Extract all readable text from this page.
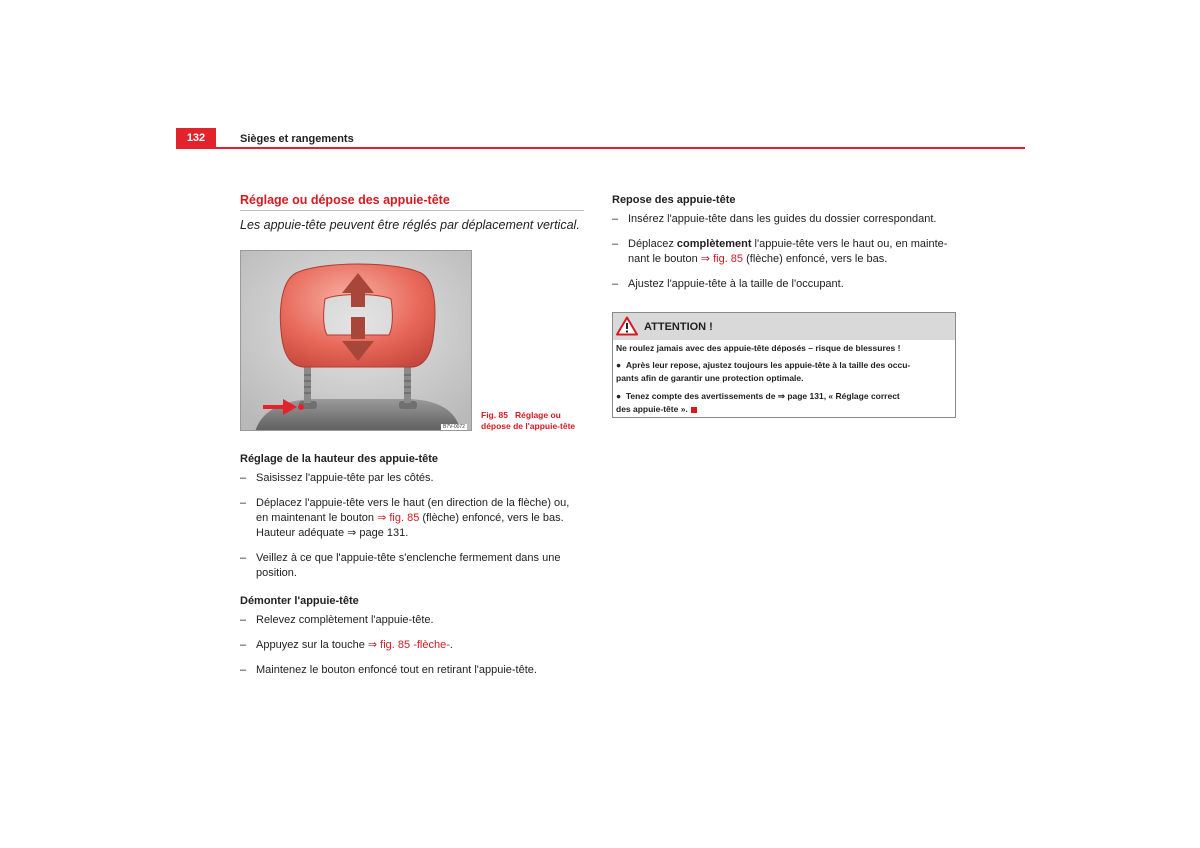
132	Sièges et rangements
Réglage ou dépose des appuie-tête
Les appuie-tête peuvent être réglés par déplacement vertical.
B7V-0072
Fig. 85 Réglage ou
dépose de l'appuie-tête
Réglage de la hauteur des appuie-tête
– Saisissez l'appuie-tête par les côtés.
– Déplacez l'appuie-tête vers le haut (en direction de la flèche) ou,
en maintenant le bouton ⇒ fig. 85 (flèche) enfoncé, vers le bas.
Hauteur adéquate ⇒ page 131.
– Veillez à ce que l'appuie-tête s'enclenche fermement dans une
position.
Démonter l'appuie-tête
– Relevez complètement l'appuie-tête.
– Appuyez sur la touche ⇒ fig. 85 -flèche-.
– Maintenez le bouton enfoncé tout en retirant l'appuie-tête.
Repose des appuie-tête
– Insérez l'appuie-tête dans les guides du dossier correspondant.
– Déplacez complètement l'appuie-tête vers le haut ou, en mainte-
nant le bouton ⇒ fig. 85 (flèche) enfoncé, vers le bas.
– Ajustez l'appuie-tête à la taille de l'occupant.
ATTENTION !
Ne roulez jamais avec des appuie-tête déposés – risque de blessures !
● Après leur repose, ajustez toujours les appuie-tête à la taille des occu-
pants afin de garantir une protection optimale.
● Tenez compte des avertissements de ⇒ page 131, « Réglage correct
des appuie-tête ».
